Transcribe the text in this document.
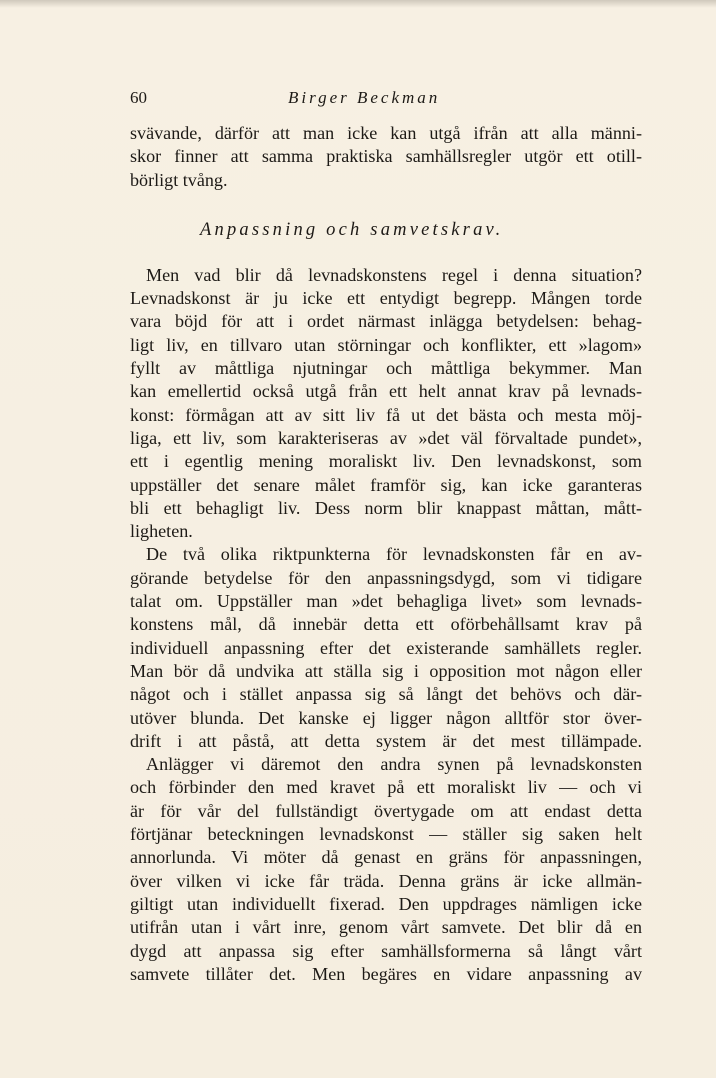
60	Birger Beckman
svävande, därför att man icke kan utgå ifrån att alla männi-
skor finner att samma praktiska samhällsregler utgör ett otill-
börligt tvång.
Anpassning och samvetskrav.
Men vad blir då levnadskonstens regel i denna situation?
Levnadskonst är ju icke ett entydigt begrepp. Mången torde
vara böjd för att i ordet närmast inlägga betydelsen: behag-
ligt liv, en tillvaro utan störningar och konflikter, ett »lagom»
fyllt av måttliga njutningar och måttliga bekymmer. Man
kan emellertid också utgå från ett helt annat krav på levnads-
konst: förmågan att av sitt liv få ut det bästa och mesta möj-
liga, ett liv, som karakteriseras av »det väl förvaltade pundet»,
ett i egentlig mening moraliskt liv. Den levnadskonst, som
uppställer det senare målet framför sig, kan icke garanteras
bli ett behagligt liv. Dess norm blir knappast måttan, mått-
ligheten.
De två olika riktpunkterna för levnadskonsten får en av-
görande betydelse för den anpassningsdygd, som vi tidigare
talat om. Uppställer man »det behagliga livet» som levnads-
konstens mål, då innebär detta ett oförbehållsamt krav på
individuell anpassning efter det existerande samhällets regler.
Man bör då undvika att ställa sig i opposition mot någon eller
något och i stället anpassa sig så långt det behövs och där-
utöver blunda. Det kanske ej ligger någon alltför stor över-
drift i att påstå, att detta system är det mest tillämpade.
Anlägger vi däremot den andra synen på levnadskonsten
och förbinder den med kravet på ett moraliskt liv — och vi
är för vår del fullständigt övertygade om att endast detta
förtjänar beteckningen levnadskonst — ställer sig saken helt
annorlunda. Vi möter då genast en gräns för anpassningen,
över vilken vi icke får träda. Denna gräns är icke allmän-
giltigt utan individuellt fixerad. Den uppdrages nämligen icke
utifrån utan i vårt inre, genom vårt samvete. Det blir då en
dygd att anpassa sig efter samhällsformerna så långt vårt
samvete tillåter det. Men begäres en vidare anpassning av
